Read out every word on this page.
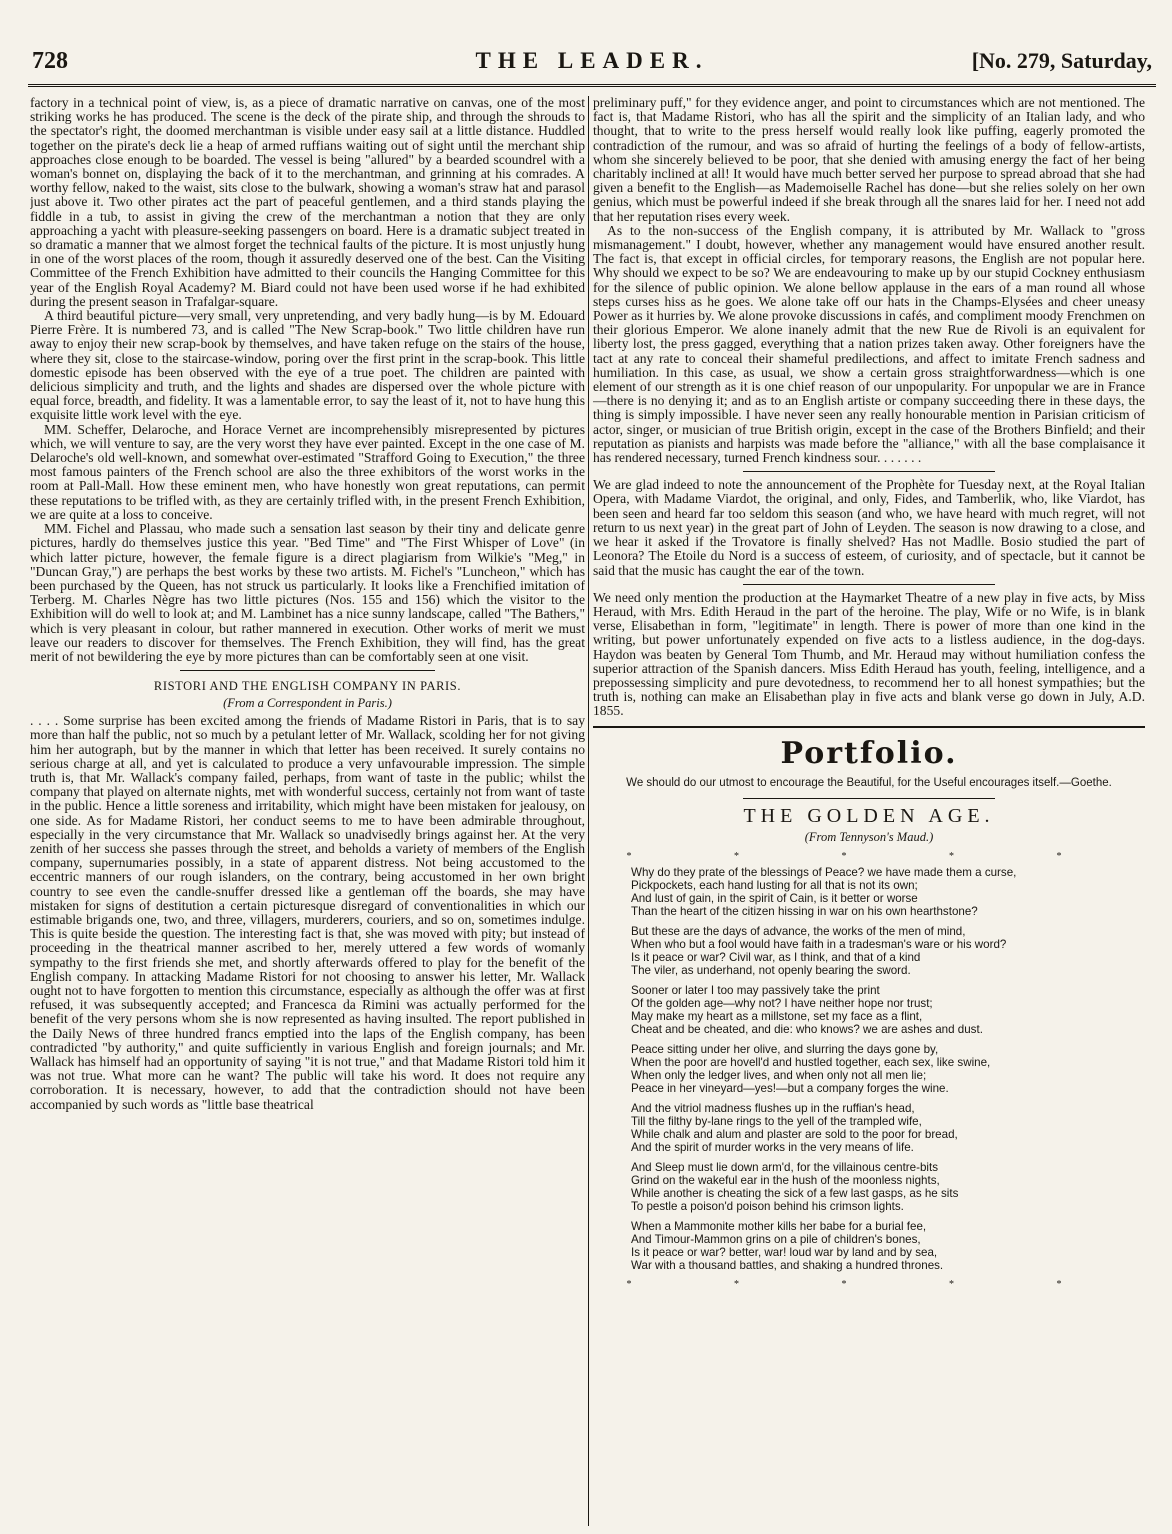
728	THE LEADER.	[No. 279, Saturday,

factory in a technical point of view, is, as a piece of dramatic narrative on canvas, one of the most striking works he has produced. The scene is the deck of the pirate ship, and through the shrouds to the spectator's right, the doomed merchantman is visible under easy sail at a little distance. Huddled together on the pirate's deck lie a heap of armed ruffians waiting out of sight until the merchant ship approaches close enough to be boarded. The vessel is being "allured" by a bearded scoundrel with a woman's bonnet on, displaying the back of it to the merchantman, and grinning at his comrades. A worthy fellow, naked to the waist, sits close to the bulwark, showing a woman's straw hat and parasol just above it. Two other pirates act the part of peaceful gentlemen, and a third stands playing the fiddle in a tub, to assist in giving the crew of the merchantman a notion that they are only approaching a yacht with pleasure-seeking passengers on board. Here is a dramatic subject treated in so dramatic a manner that we almost forget the technical faults of the picture. It is most unjustly hung in one of the worst places of the room, though it assuredly deserved one of the best. Can the Visiting Committee of the French Exhibition have admitted to their councils the Hanging Committee for this year of the English Royal Academy? M. Biard could not have been used worse if he had exhibited during the present season in Trafalgar-square.

A third beautiful picture—very small, very unpretending, and very badly hung—is by M. Edouard Pierre Frère. It is numbered 73, and is called "The New Scrap-book." Two little children have run away to enjoy their new scrap-book by themselves, and have taken refuge on the stairs of the house, where they sit, close to the staircase-window, poring over the first print in the scrap-book. This little domestic episode has been observed with the eye of a true poet. The children are painted with delicious simplicity and truth, and the lights and shades are dispersed over the whole picture with equal force, breadth, and fidelity. It was a lamentable error, to say the least of it, not to have hung this exquisite little work level with the eye.

MM. Scheffer, Delaroche, and Horace Vernet are incomprehensibly misrepresented by pictures which, we will venture to say, are the very worst they have ever painted. Except in the one case of M. Delaroche's old well-known, and somewhat over-estimated "Strafford Going to Execution," the three most famous painters of the French school are also the three exhibitors of the worst works in the room at Pall-Mall. How these eminent men, who have honestly won great reputations, can permit these reputations to be trifled with, as they are certainly trifled with, in the present French Exhibition, we are quite at a loss to conceive.

MM. Fichel and Plassau, who made such a sensation last season by their tiny and delicate genre pictures, hardly do themselves justice this year. "Bed Time" and "The First Whisper of Love" (in which latter picture, however, the female figure is a direct plagiarism from Wilkie's "Meg," in "Duncan Gray,") are perhaps the best works by these two artists. M. Fichel's "Luncheon," which has been purchased by the Queen, has not struck us particularly. It looks like a Frenchified imitation of Terberg. M. Charles Nègre has two little pictures (Nos. 155 and 156) which the visitor to the Exhibition will do well to look at; and M. Lambinet has a nice sunny landscape, called "The Bathers," which is very pleasant in colour, but rather mannered in execution. Other works of merit we must leave our readers to discover for themselves. The French Exhibition, they will find, has the great merit of not bewildering the eye by more pictures than can be comfortably seen at one visit.

RISTORI AND THE ENGLISH COMPANY IN PARIS.
(From a Correspondent in Paris.)

. . . . Some surprise has been excited among the friends of Madame Ristori in Paris, that is to say more than half the public, not so much by a petulant letter of Mr. Wallack, scolding her for not giving him her autograph, but by the manner in which that letter has been received. It surely contains no serious charge at all, and yet is calculated to produce a very unfavourable impression. The simple truth is, that Mr. Wallack's company failed, perhaps, from want of taste in the public; whilst the company that played on alternate nights, met with wonderful success, certainly not from want of taste in the public. Hence a little soreness and irritability, which might have been mistaken for jealousy, on one side. As for Madame Ristori, her conduct seems to me to have been admirable throughout, especially in the very circumstance that Mr. Wallack so unadvisedly brings against her. At the very zenith of her success she passes through the street, and beholds a variety of members of the English company, supernumaries possibly, in a state of apparent distress. Not being accustomed to the eccentric manners of our rough islanders, on the contrary, being accustomed in her own bright country to see even the candle-snuffer dressed like a gentleman off the boards, she may have mistaken for signs of destitution a certain picturesque disregard of conventionalities in which our estimable brigands one, two, and three, villagers, murderers, couriers, and so on, sometimes indulge. This is quite beside the question. The interesting fact is that, she was moved with pity; but instead of proceeding in the theatrical manner ascribed to her, merely uttered a few words of womanly sympathy to the first friends she met, and shortly afterwards offered to play for the benefit of the English company. In attacking Madame Ristori for not choosing to answer his letter, Mr. Wallack ought not to have forgotten to mention this circumstance, especially as although the offer was at first refused, it was subsequently accepted; and Francesca da Rimini was actually performed for the benefit of the very persons whom she is now represented as having insulted. The report published in the Daily News of three hundred francs emptied into the laps of the English company, has been contradicted "by authority," and quite sufficiently in various English and foreign journals; and Mr. Wallack has himself had an opportunity of saying "it is not true," and that Madame Ristori told him it was not true. What more can he want? The public will take his word. It does not require any corroboration. It is necessary, however, to add that the contradiction should not have been accompanied by such words as "little base theatrical

preliminary puff," for they evidence anger, and point to circumstances which are not mentioned. The fact is, that Madame Ristori, who has all the spirit and the simplicity of an Italian lady, and who thought, that to write to the press herself would really look like puffing, eagerly promoted the contradiction of the rumour, and was so afraid of hurting the feelings of a body of fellow-artists, whom she sincerely believed to be poor, that she denied with amusing energy the fact of her being charitably inclined at all! It would have much better served her purpose to spread abroad that she had given a benefit to the English—as Mademoiselle Rachel has done—but she relies solely on her own genius, which must be powerful indeed if she break through all the snares laid for her. I need not add that her reputation rises every week.

As to the non-success of the English company, it is attributed by Mr. Wallack to "gross mismanagement." I doubt, however, whether any management would have ensured another result. The fact is, that except in official circles, for temporary reasons, the English are not popular here. Why should we expect to be so? We are endeavouring to make up by our stupid Cockney enthusiasm for the silence of public opinion. We alone bellow applause in the ears of a man round all whose steps curses hiss as he goes. We alone take off our hats in the Champs-Elysées and cheer uneasy Power as it hurries by. We alone provoke discussions in cafés, and compliment moody Frenchmen on their glorious Emperor. We alone inanely admit that the new Rue de Rivoli is an equivalent for liberty lost, the press gagged, everything that a nation prizes taken away. Other foreigners have the tact at any rate to conceal their shameful predilections, and affect to imitate French sadness and humiliation. In this case, as usual, we show a certain gross straightforwardness—which is one element of our strength as it is one chief reason of our unpopularity. For unpopular we are in France—there is no denying it; and as to an English artiste or company succeeding there in these days, the thing is simply impossible. I have never seen any really honourable mention in Parisian criticism of actor, singer, or musician of true British origin, except in the case of the Brothers Binfield; and their reputation as pianists and harpists was made before the "alliance," with all the base complaisance it has rendered necessary, turned French kindness sour. . . . . . .

We are glad indeed to note the announcement of the Prophète for Tuesday next, at the Royal Italian Opera, with Madame Viardot, the original, and only, Fides, and Tamberlik, who, like Viardot, has been seen and heard far too seldom this season (and who, we have heard with much regret, will not return to us next year) in the great part of John of Leyden. The season is now drawing to a close, and we hear it asked if the Trovatore is finally shelved? Has not Madlle. Bosio studied the part of Leonora? The Etoile du Nord is a success of esteem, of curiosity, and of spectacle, but it cannot be said that the music has caught the ear of the town.

We need only mention the production at the Haymarket Theatre of a new play in five acts, by Miss Heraud, with Mrs. Edith Heraud in the part of the heroine. The play, Wife or no Wife, is in blank verse, Elisabethan in form, "legitimate" in length. There is power of more than one kind in the writing, but power unfortunately expended on five acts to a listless audience, in the dog-days. Haydon was beaten by General Tom Thumb, and Mr. Heraud may without humiliation confess the superior attraction of the Spanish dancers. Miss Edith Heraud has youth, feeling, intelligence, and a prepossessing simplicity and pure devotedness, to recommend her to all honest sympathies; but the truth is, nothing can make an Elisabethan play in five acts and blank verse go down in July, A.D. 1855.

Portfolio.
We should do our utmost to encourage the Beautiful, for the Useful encourages itself.—Goethe.
THE GOLDEN AGE.
(From Tennyson's Maud.)
* * * * *
Why do they prate of the blessings of Peace? we have made them a curse,
Pickpockets, each hand lusting for all that is not its own;
And lust of gain, in the spirit of Cain, is it better or worse
Than the heart of the citizen hissing in war on his own hearthstone?
But these are the days of advance, the works of the men of mind,
When who but a fool would have faith in a tradesman's ware or his word?
Is it peace or war? Civil war, as I think, and that of a kind
The viler, as underhand, not openly bearing the sword.
Sooner or later I too may passively take the print
Of the golden age—why not? I have neither hope nor trust;
May make my heart as a millstone, set my face as a flint,
Cheat and be cheated, and die: who knows? we are ashes and dust.
Peace sitting under her olive, and slurring the days gone by,
When the poor are hovell'd and hustled together, each sex, like swine,
When only the ledger lives, and when only not all men lie;
Peace in her vineyard—yes!—but a company forges the wine.
And the vitriol madness flushes up in the ruffian's head,
Till the filthy by-lane rings to the yell of the trampled wife,
While chalk and alum and plaster are sold to the poor for bread,
And the spirit of murder works in the very means of life.
And Sleep must lie down arm'd, for the villainous centre-bits
Grind on the wakeful ear in the hush of the moonless nights,
While another is cheating the sick of a few last gasps, as he sits
To pestle a poison'd poison behind his crimson lights.
When a Mammonite mother kills her babe for a burial fee,
And Timour-Mammon grins on a pile of children's bones,
Is it peace or war? better, war! loud war by land and by sea,
War with a thousand battles, and shaking a hundred thrones.
* * * * *
